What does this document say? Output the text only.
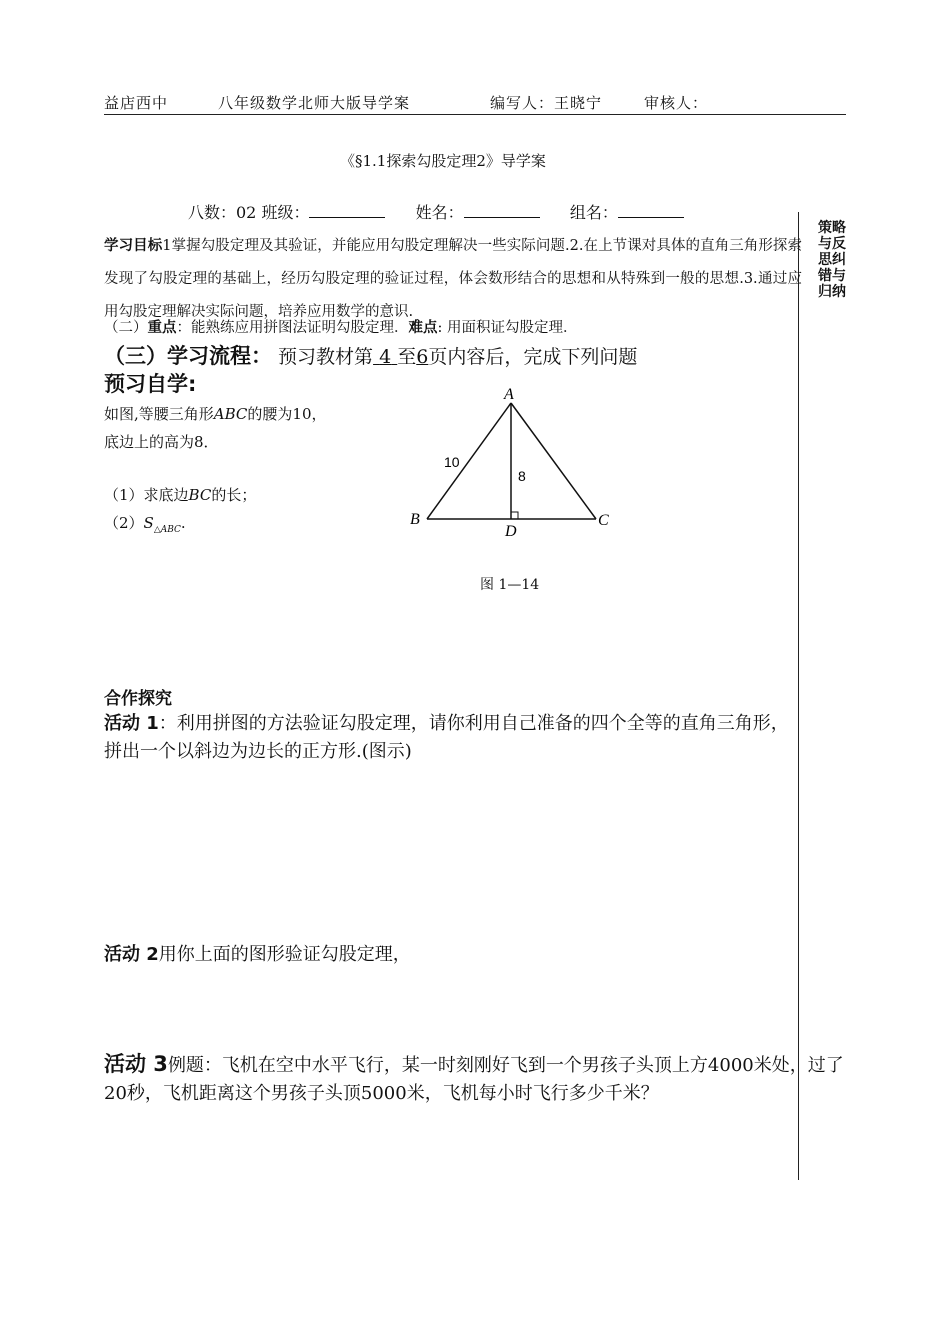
益店西中	八年级数学北师大版导学案	编写人：王晓宁	审核人：
《§1.1探索勾股定理2》导学案
八数：02 班级：	姓名：	组名：
策略与反思纠错与归纳
学习目标1掌握勾股定理及其验证，并能应用勾股定理解决一些实际问题.2.在上节课对具体的直角三角形探索发现了勾股定理的基础上，经历勾股定理的验证过程，体会数形结合的思想和从特殊到一般的思想.3.通过应用勾股定理解决实际问题，培养应用数学的意识.
（二）重点：能熟练应用拼图法证明勾股定理．难点: 用面积证勾股定理．
（三）学习流程： 预习教材第 4 至6页内容后，完成下列问题
预习自学:
如图,等腰三角形ABC的腰为10，
底边上的高为8．
（1）求底边BC的长；
$(2)S_{\triangle ABC}$.
A
B	C
D
10
8
图 1—14
合作探究
活动 1：利用拼图的方法验证勾股定理，请你利用自己准备的四个全等的直角三角形，拼出一个以斜边为边长的正方形.(图示)
活动 2用你上面的图形验证勾股定理，
活动 3例题：飞机在空中水平飞行，某一时刻刚好飞到一个男孩子头顶上方4000米处，过了20秒，飞机距离这个男孩子头顶5000米，飞机每小时飞行多少千米？
